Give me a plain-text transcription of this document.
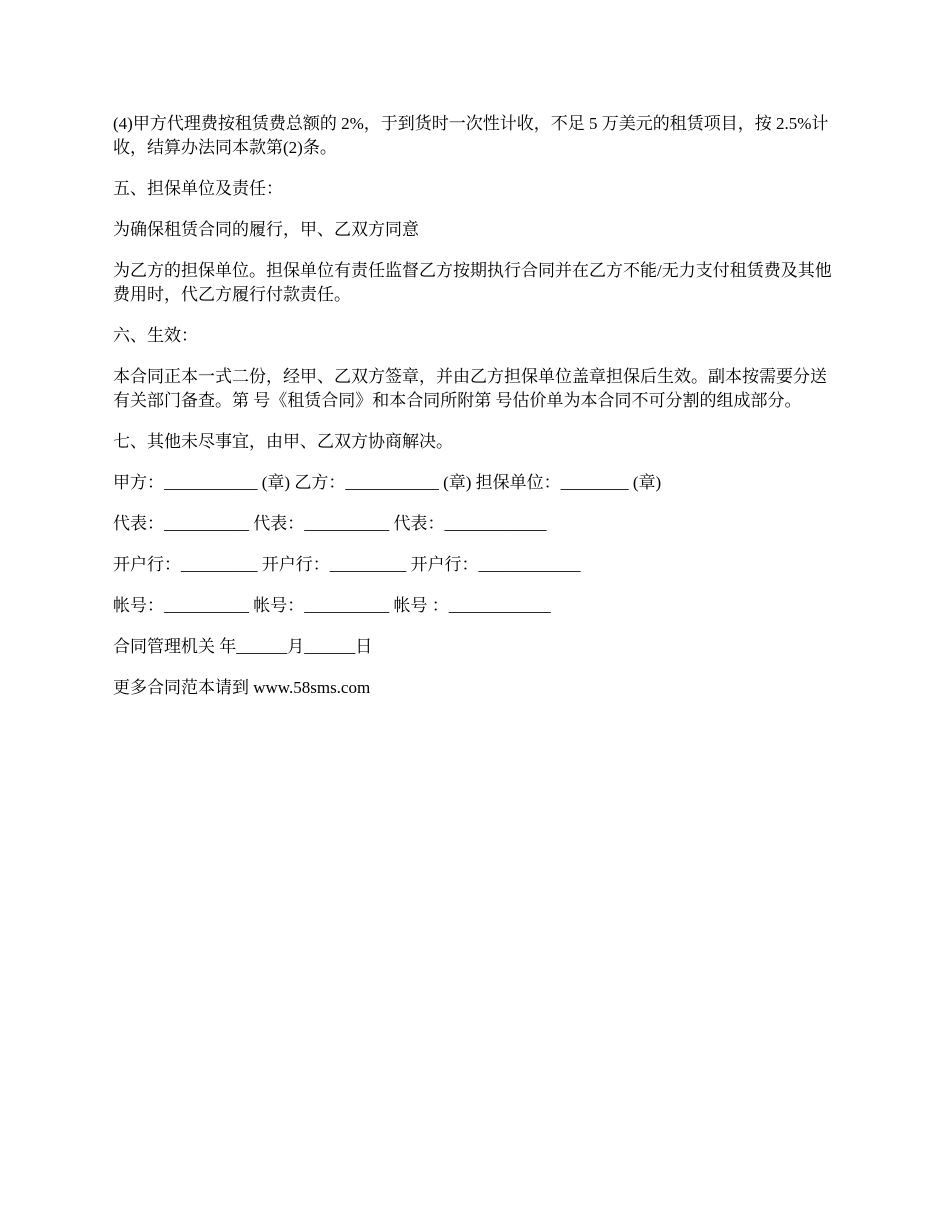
(4)甲方代理费按租赁费总额的 2%，于到货时一次性计收，不足 5 万美元的租赁项目，按 2.5%计收，结算办法同本款第(2)条。

五、担保单位及责任：

为确保租赁合同的履行，甲、乙双方同意

为乙方的担保单位。担保单位有责任监督乙方按期执行合同并在乙方不能/无力支付租赁费及其他费用时，代乙方履行付款责任。

六、生效：

本合同正本一式二份，经甲、乙双方签章，并由乙方担保单位盖章担保后生效。副本按需要分送有关部门备查。第 号《租赁合同》和本合同所附第 号估价单为本合同不可分割的组成部分。

七、其他未尽事宜，由甲、乙双方协商解决。

甲方：___________ (章) 乙方：___________ (章) 担保单位：________ (章)

代表：__________ 代表：__________ 代表：____________

开户行：_________ 开户行：_________ 开户行：____________

帐号：__________ 帐号：__________ 帐号 ：____________

合同管理机关 年______月______日

更多合同范本请到 www.58sms.com
